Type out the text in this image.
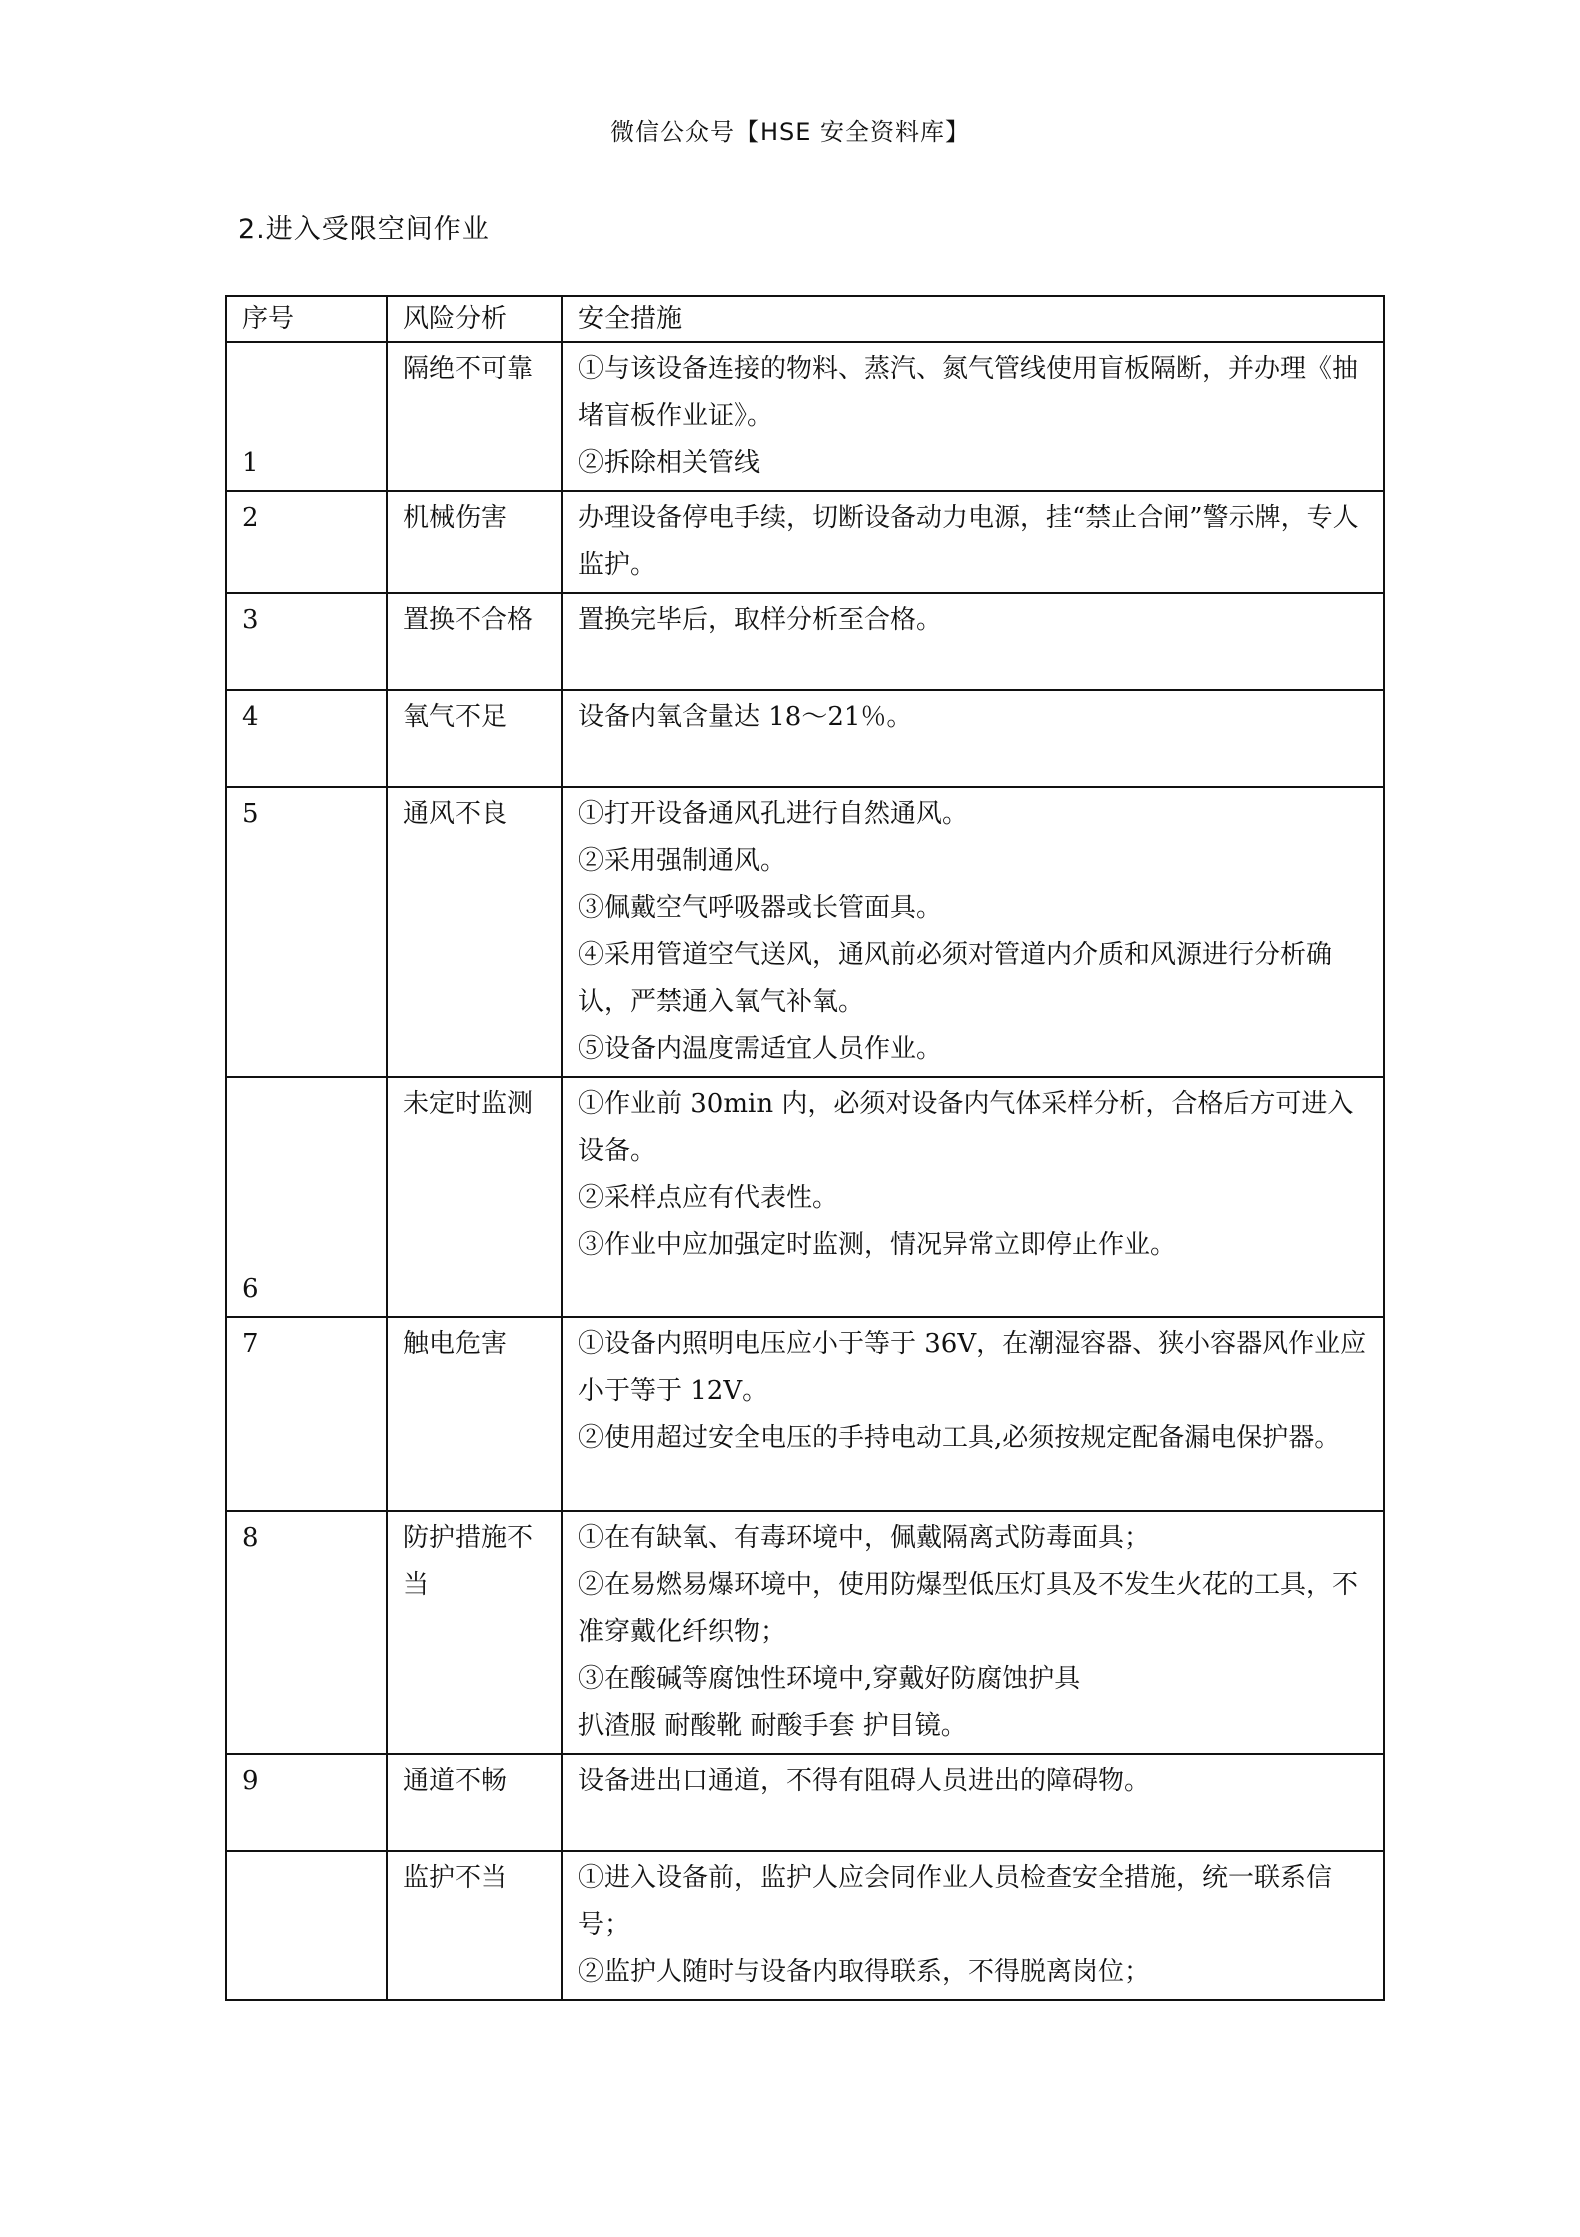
微信公众号【HSE 安全资料库】
2.进入受限空间作业
序号	风险分析	安全措施
1	隔绝不可靠	①与该设备连接的物料、蒸汽、氮气管线使用盲板隔断，并办理《抽堵盲板作业证》。
②拆除相关管线

2	机械伤害	办理设备停电手续，切断设备动力电源，挂“禁止合闸”警示牌，专人监护。

3	置换不合格	置换完毕后，取样分析至合格。

4	氧气不足	设备内氧含量达 18～21％。

5	通风不良	①打开设备通风孔进行自然通风。
②采用强制通风。
③佩戴空气呼吸器或长管面具。
④采用管道空气送风，通风前必须对管道内介质和风源进行分析确认，严禁通入氧气补氧。
⑤设备内温度需适宜人员作业。

6	未定时监测	①作业前 30min 内，必须对设备内气体采样分析，合格后方可进入设备。
②采样点应有代表性。
③作业中应加强定时监测，情况异常立即停止作业。

7	触电危害	①设备内照明电压应小于等于 36V，在潮湿容器、狭小容器风作业应小于等于 12V。
②使用超过安全电压的手持电动工具,必须按规定配备漏电保护器。

8	防护措施不当	①在有缺氧、有毒环境中，佩戴隔离式防毒面具；
②在易燃易爆环境中，使用防爆型低压灯具及不发生火花的工具，不准穿戴化纤织物；
③在酸碱等腐蚀性环境中,穿戴好防腐蚀护具
扒渣服 耐酸靴 耐酸手套 护目镜。

9	通道不畅	设备进出口通道，不得有阻碍人员进出的障碍物。

	监护不当	①进入设备前，监护人应会同作业人员检查安全措施，统一联系信号；
②监护人随时与设备内取得联系，不得脱离岗位；
